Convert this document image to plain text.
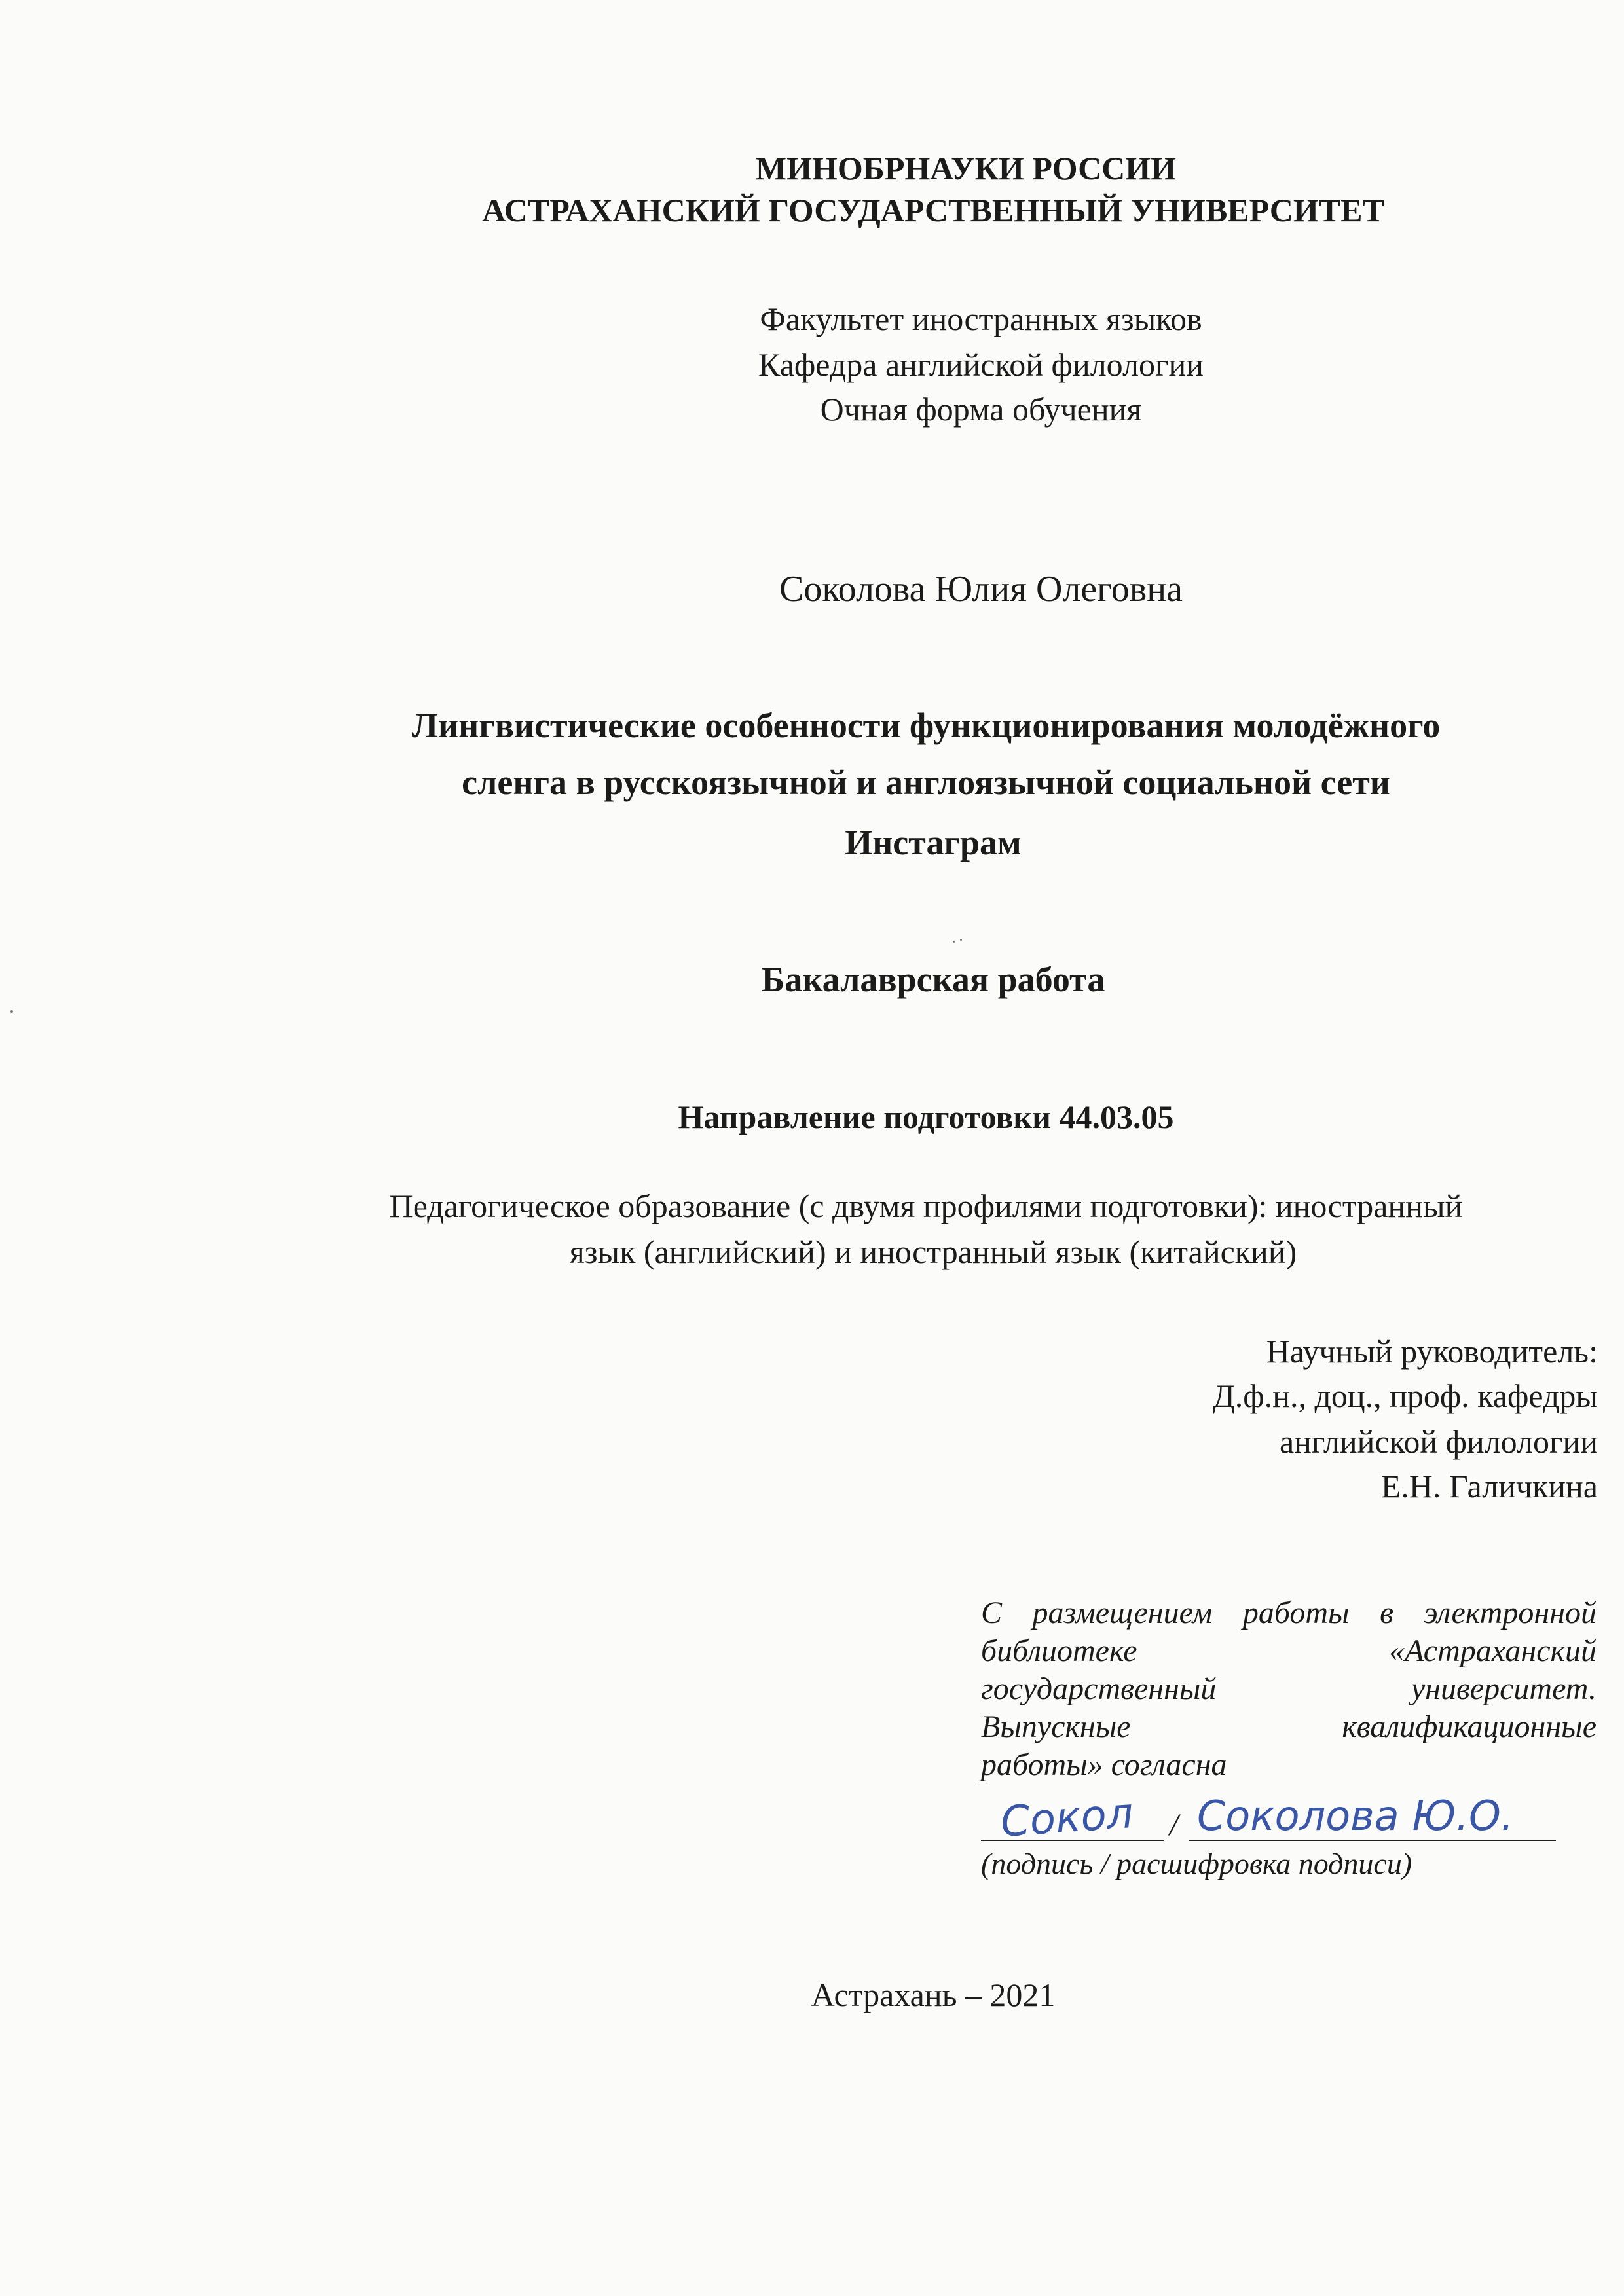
МИНОБРНАУКИ РОССИИ
АСТРАХАНСКИЙ ГОСУДАРСТВЕННЫЙ УНИВЕРСИТЕТ
Факультет иностранных языков
Кафедра английской филологии
Очная форма обучения
Соколова Юлия Олеговна
Лингвистические особенности функционирования молодёжного
сленга в русскоязычной и англоязычной социальной сети
Инстаграм
Бакалаврская работа
Направление подготовки 44.03.05
Педагогическое образование (с двумя профилями подготовки): иностранный
язык (английский) и иностранный язык (китайский)
Научный руководитель:
Д.ф.н., доц., проф. кафедры
английской филологии
Е.Н. Галичкина
С размещением работы в электронной
библиотеке	«Астраханский
государственный	университет.
Выпускные	квалификационные
работы» согласна
Сокол / Соколова Ю.О.
(подпись / расшифровка подписи)
Астрахань – 2021
